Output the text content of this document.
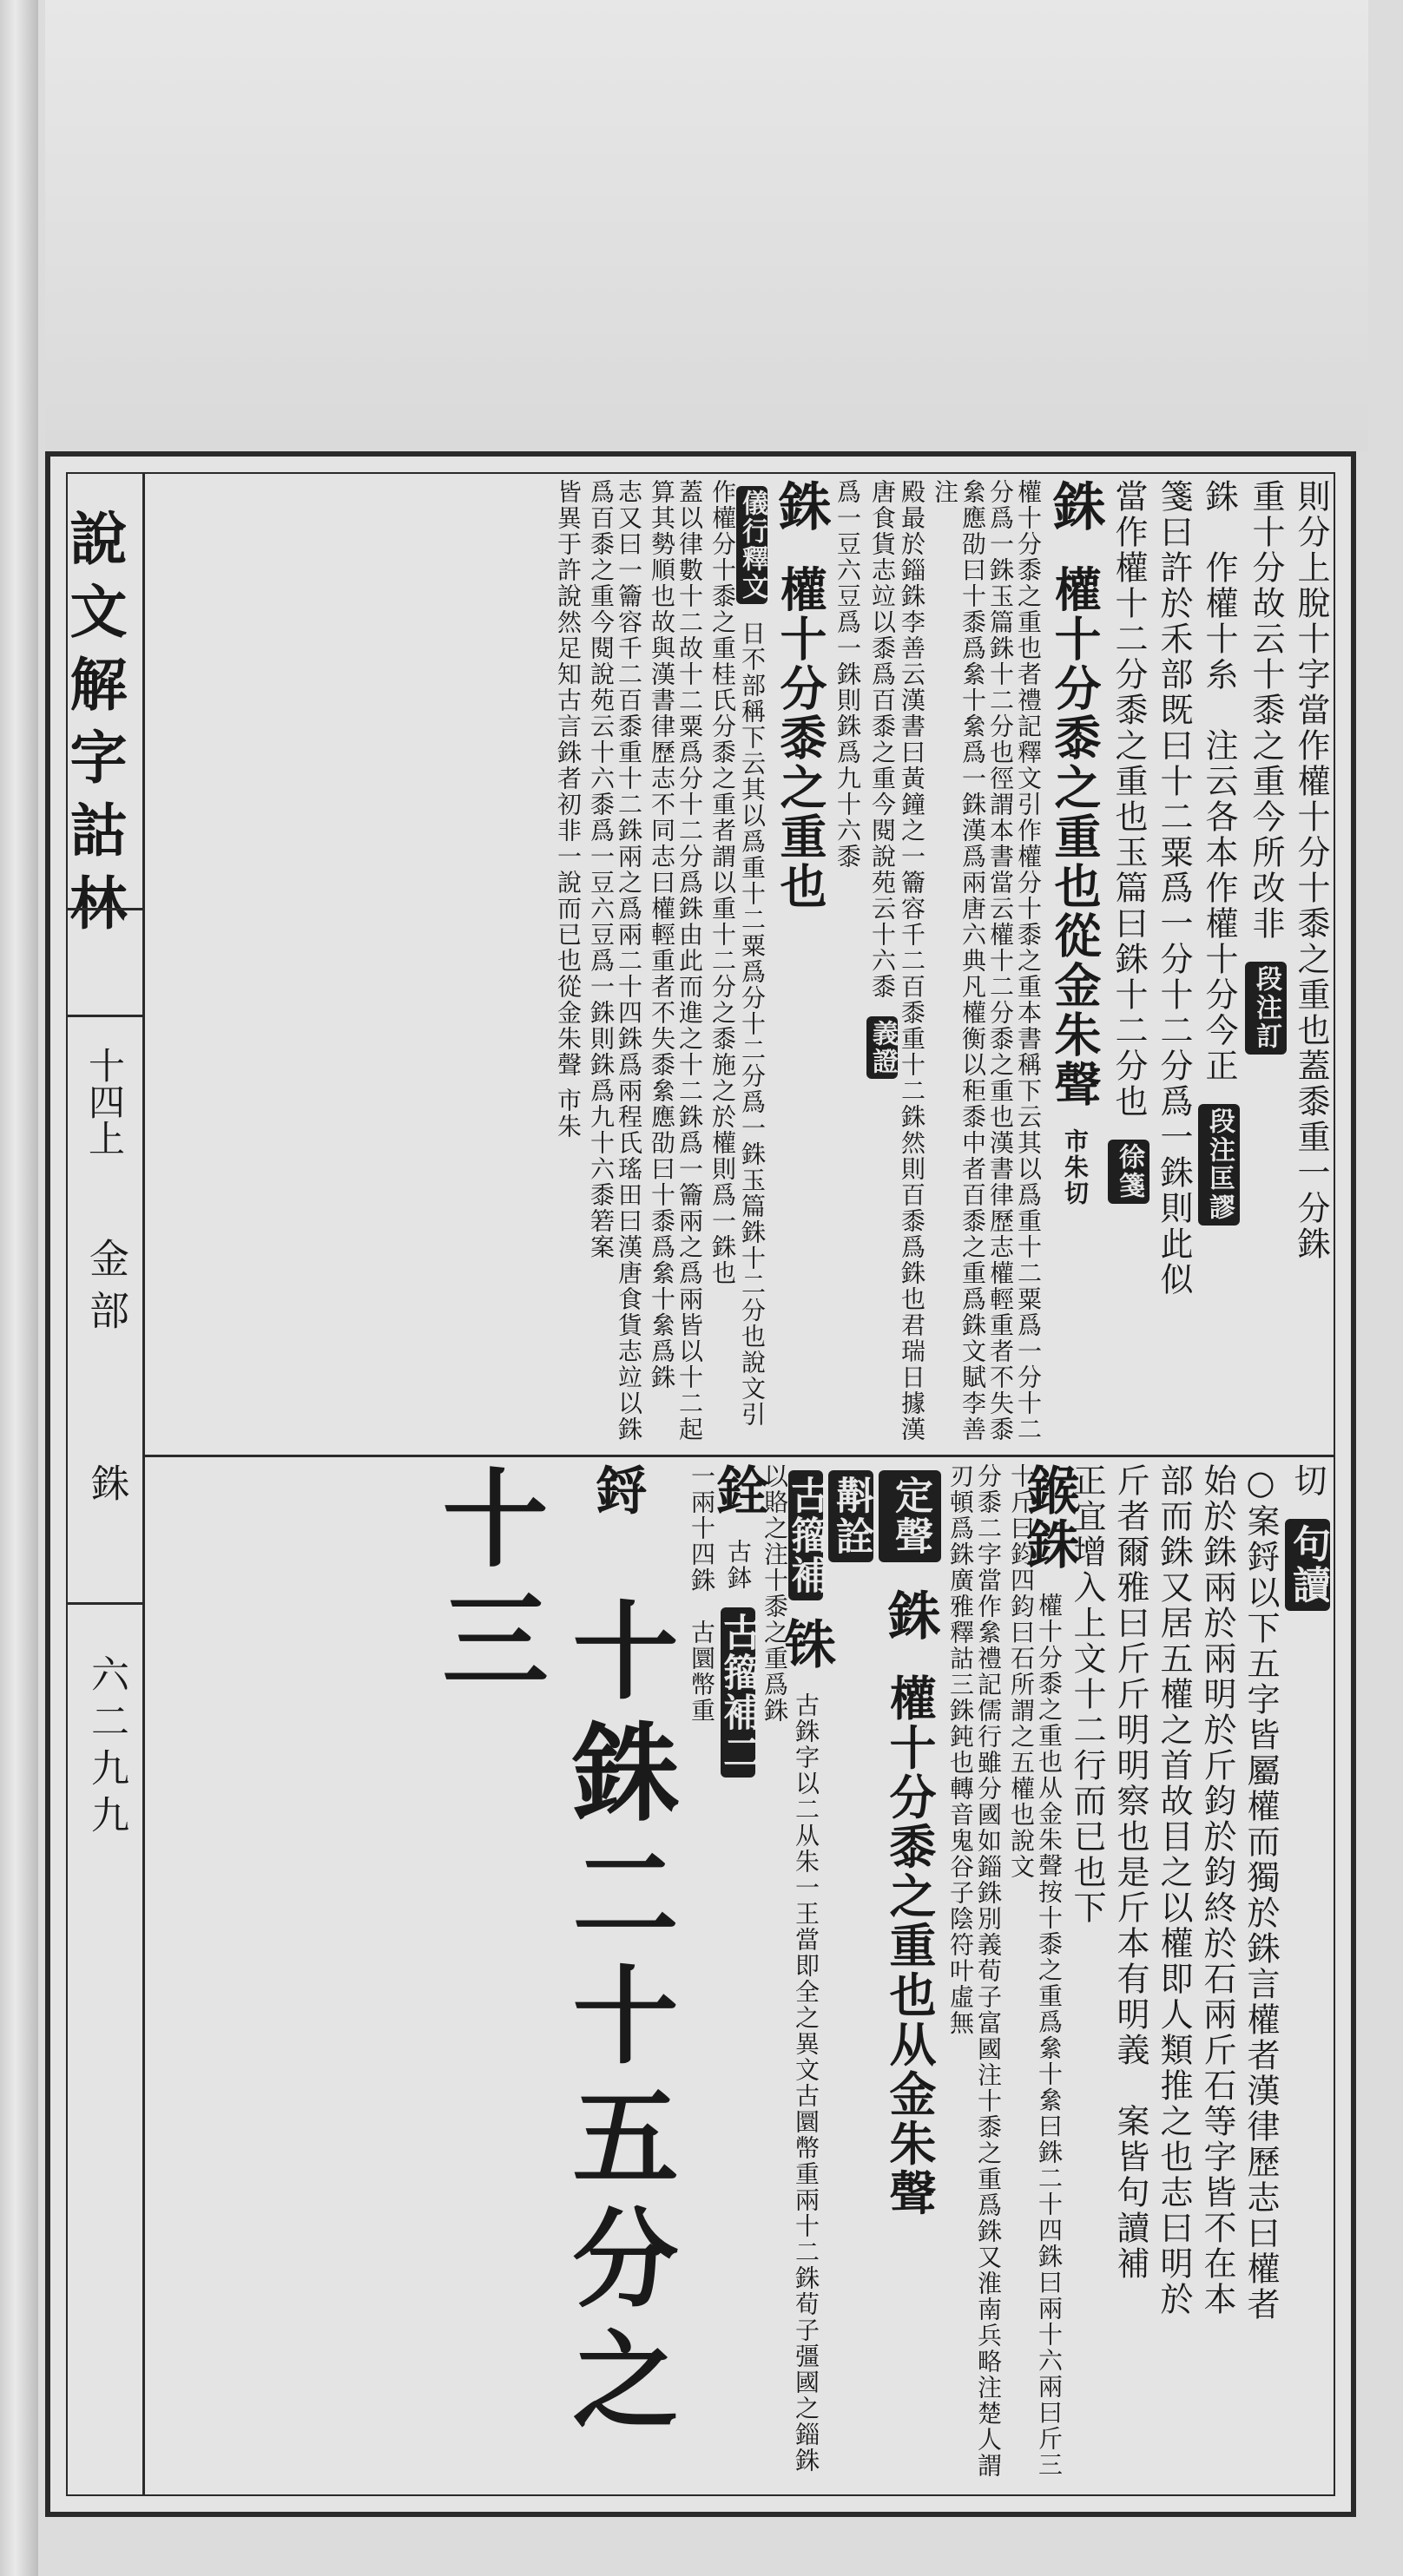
說文解字詁林
十四上
金部
銖
六二九九
則分上脫十字當作權十分十黍之重也蓋黍重一分銖
重十分故云十黍之重今所改非 段注訂
銖　作權十糸　注云各本作權十分今正 段注匡謬
箋曰許於禾部既曰十二粟爲一分十二分爲一銖則此似
當作權十二分黍之重也玉篇曰銖十二分也 徐箋
銖 權十分黍之重也從金朱聲 市朱切
權十分黍之重也者禮記釋文引作權分十黍之重本書稱下云其以爲重十二粟爲一分十二分爲一銖玉篇銖十二分也徑謂本書當云權十二分黍之重也漢書律歷志權輕重者不失黍絫應劭曰十黍爲絫十絫爲一銖漢爲兩唐六典凡權衡以秬黍中者百黍之重爲銖文賦李善注
殿最於錙銖李善云漢書曰黃鐘之一籥容千二百黍重十二銖然則百黍爲銖也君瑞日據漢唐食貨志竝以黍爲百黍之重今閱說苑云十六黍 義證
爲一豆六豆爲一銖則銖爲九十六黍
銖 權十分黍之重也
儀行釋文 日不部稱下云其以爲重十二粟爲分十二分爲一銖玉篇銖十二分也說文引作權分十黍之重桂氏分黍之重者謂以重十二分之黍施之於權則爲一銖也
蓋以律數十二故十二粟爲分十二分爲銖由此而進之十二銖爲一籥兩之爲兩皆以十二起算其勢順也故與漢書律歷志不同志曰權輕重者不失黍絫應劭曰十黍爲絫十絫爲銖
志又曰一籥容千二百黍重十二銖兩之爲兩二十四銖爲兩程氏瑤田曰漢唐食貨志竝以銖爲百黍之重今閱說苑云十六黍爲一豆六豆爲一銖則銖爲九十六黍箬案
皆異于許說然足知古言銖者初非一說而已也從金朱聲 市朱
切 句讀
○案鋝以下五字皆屬權而獨於銖言權者漢律歷志曰權者
始於銖兩於兩明於斤鈞於鈞終於石兩斤石等字皆不在本
部而銖又居五權之首故目之以權即人類推之也志曰明於
斤者爾雅曰斤斤明明察也是斤本有明義　案皆句讀補
正宜增入上文十二行而已也下
鍭銖 權十分黍之重也从金朱聲按十黍之重爲絫十絫曰銖二十四銖曰兩十六兩曰斤三十斤曰鈞四鈞曰石所謂之五權也說文
分黍二字當作絫禮記儒行雖分國如錙銖別義荀子富國注十黍之重爲銖又淮南兵略注楚人謂刃頓爲銖廣雅釋詁三銖鈍也轉音鬼谷子陰符叶虛無
定聲 銖 權十分黍之重也从金朱聲
斠詮
古籀補 铢 古銖字以二从朱一王當即全之異文古圜幣重兩十二銖荀子彊國之錙銖以賂之注十黍之重爲銖
銓 古鉢 古籀補二
一兩十四銖　古圜幣重
鋝 十銖二十五分之十三
